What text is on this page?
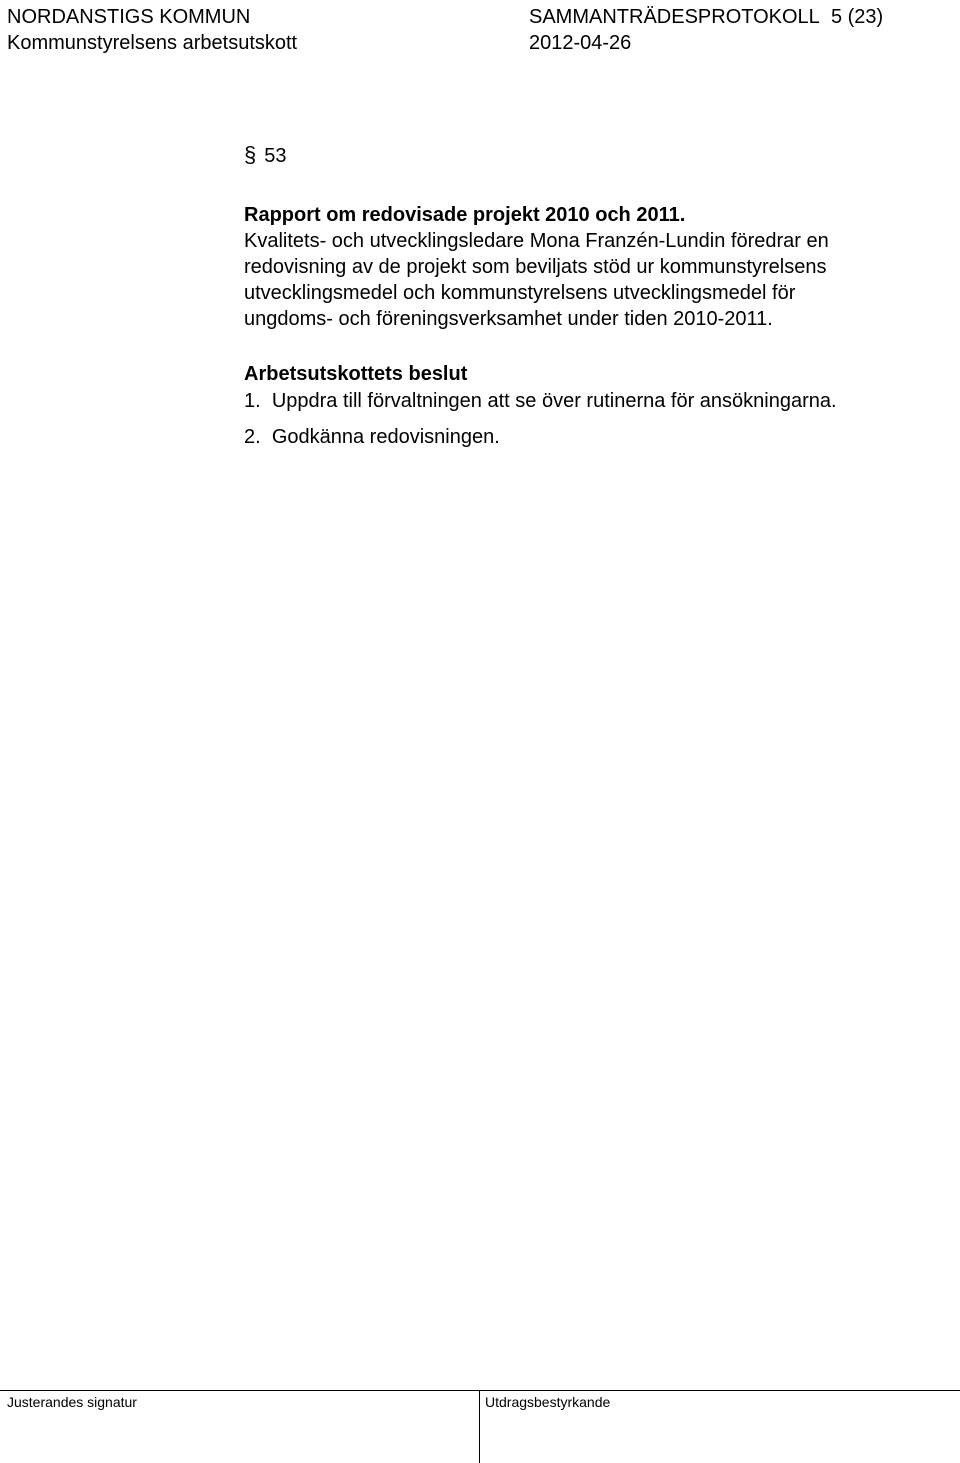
NORDANSTIGS KOMMUN
Kommunstyrelsens arbetsutskott
SAMMANTRÄDESPROTOKOLL 5 (23)
2012-04-26
§ 53
Rapport om redovisade projekt 2010 och 2011.
Kvalitets- och utvecklingsledare Mona Franzén-Lundin föredrar en
redovisning av de projekt som beviljats stöd ur kommunstyrelsens
utvecklingsmedel och kommunstyrelsens utvecklingsmedel för
ungdoms- och föreningsverksamhet under tiden 2010-2011.
Arbetsutskottets beslut
1. Uppdra till förvaltningen att se över rutinerna för ansökningarna.
2. Godkänna redovisningen.
Justerandes signatur	Utdragsbestyrkande
